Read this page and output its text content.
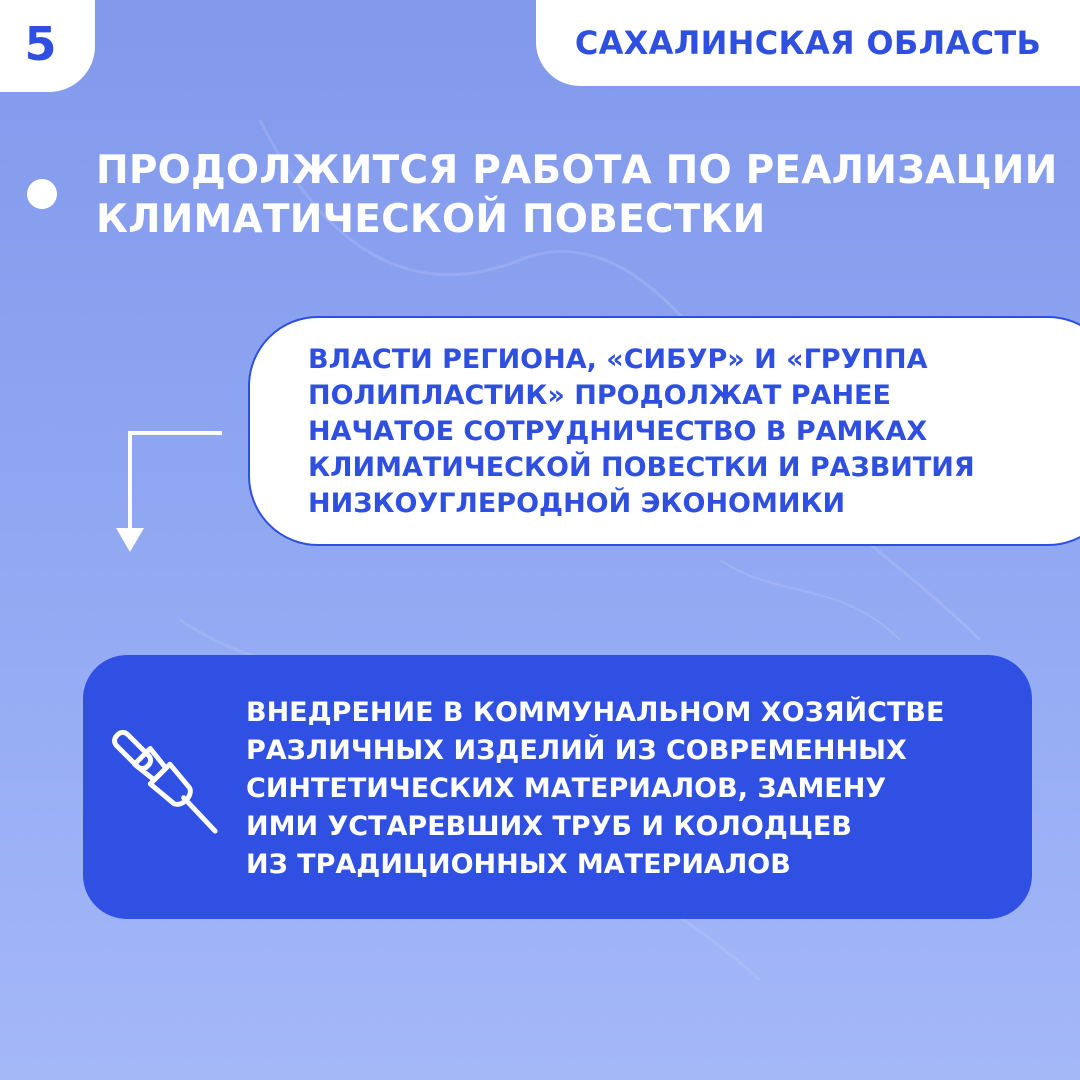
5	САХАЛИНСКАЯ ОБЛАСТЬ
ПРОДОЛЖИТСЯ РАБОТА ПО РЕАЛИЗАЦИИ
КЛИМАТИЧЕСКОЙ ПОВЕСТКИ
ВЛАСТИ РЕГИОНА, «СИБУР» И «ГРУППА
ПОЛИПЛАСТИК» ПРОДОЛЖАТ РАНЕЕ
НАЧАТОЕ СОТРУДНИЧЕСТВО В РАМКАХ
КЛИМАТИЧЕСКОЙ ПОВЕСТКИ И РАЗВИТИЯ
НИЗКОУГЛЕРОДНОЙ ЭКОНОМИКИ
ВНЕДРЕНИЕ В КОММУНАЛЬНОМ ХОЗЯЙСТВЕ
РАЗЛИЧНЫХ ИЗДЕЛИЙ ИЗ СОВРЕМЕННЫХ
СИНТЕТИЧЕСКИХ МАТЕРИАЛОВ, ЗАМЕНУ
ИМИ УСТАРЕВШИХ ТРУБ И КОЛОДЦЕВ
ИЗ ТРАДИЦИОННЫХ МАТЕРИАЛОВ
